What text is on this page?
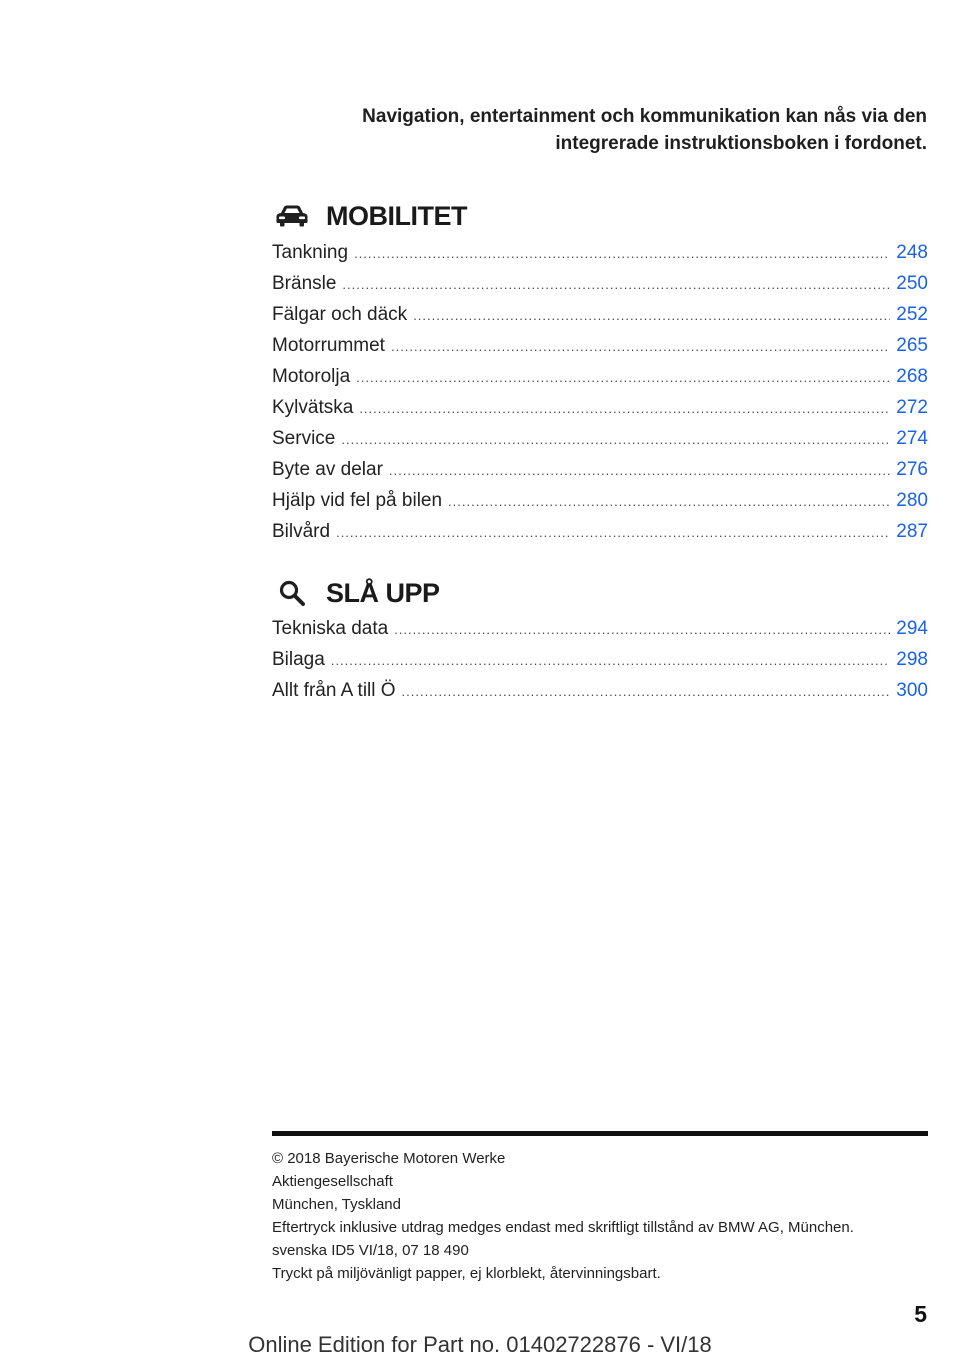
Navigation, entertainment och kommunikation kan nås via den
integrerade instruktionsboken i fordonet.
MOBILITET
Tankning .....	248
Bränsle .....	250
Fälgar och däck .....	252
Motorrummet .....	265
Motorolja .....	268
Kylvätska .....	272
Service .....	274
Byte av delar .....	276
Hjälp vid fel på bilen .....	280
Bilvård .....	287
SLÅ UPP
Tekniska data .....	294
Bilaga .....	298
Allt från A till Ö .....	300
© 2018 Bayerische Motoren Werke
Aktiengesellschaft
München, Tyskland
Eftertryck inklusive utdrag medges endast med skriftligt tillstånd av BMW AG, München.
svenska ID5 VI/18, 07 18 490
Tryckt på miljövänligt papper, ej klorblekt, återvinningsbart.
5
Online Edition for Part no. 01402722876 - VI/18
